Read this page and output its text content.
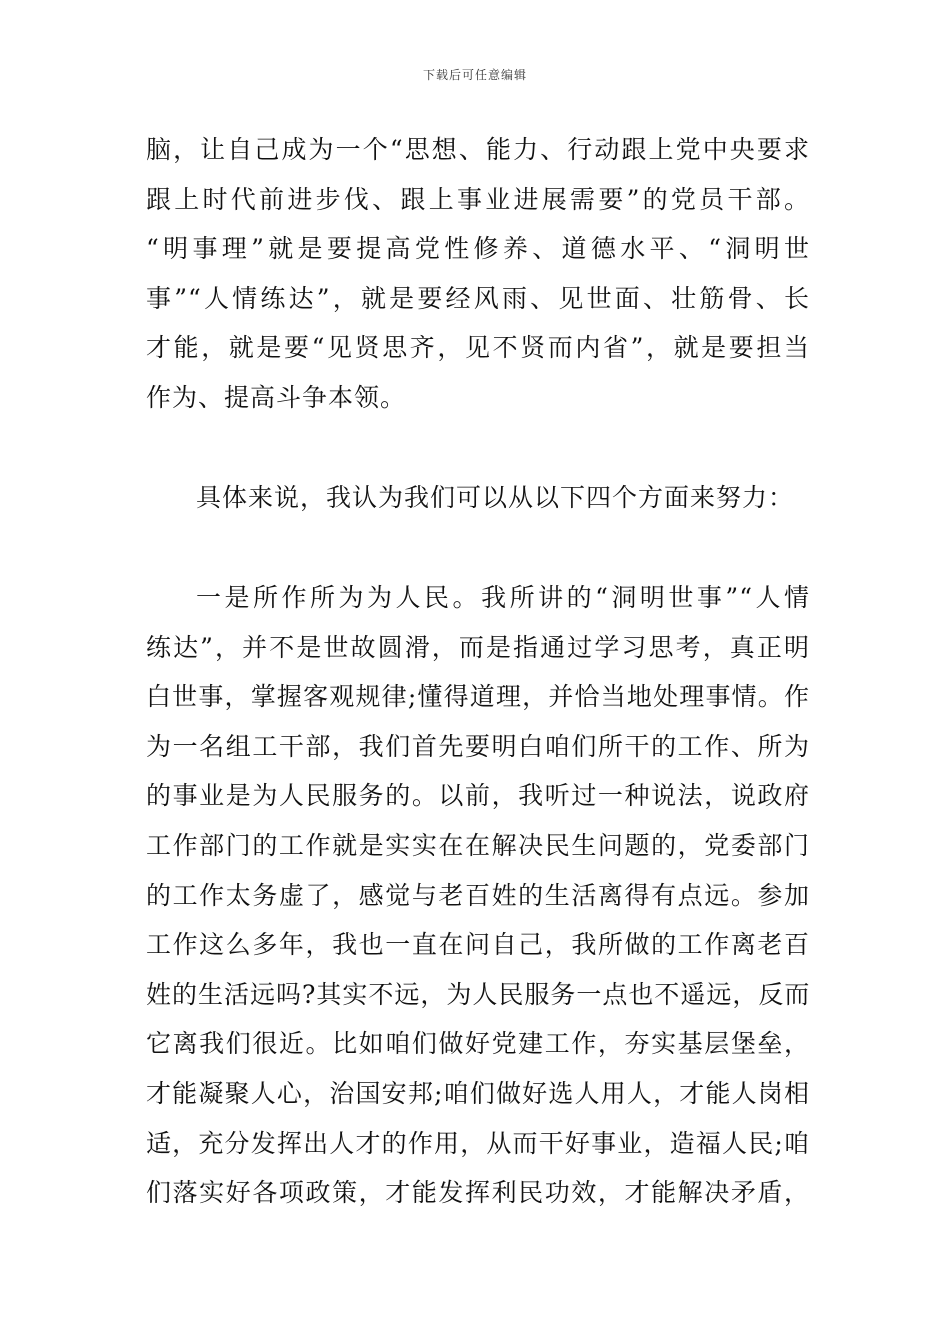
下载后可任意编辑
脑，让自己成为一个“思想、能力、行动跟上党中央要求
跟上时代前进步伐、跟上事业进展需要”的党员干部。
“明事理”就是要提高党性修养、道德水平、“洞明世
事”“人情练达”，就是要经风雨、见世面、壮筋骨、长
才能，就是要“见贤思齐，见不贤而内省”，就是要担当
作为、提高斗争本领。
具体来说，我认为我们可以从以下四个方面来努力：
一是所作所为为人民。我所讲的“洞明世事”“人情
练达”，并不是世故圆滑，而是指通过学习思考，真正明
白世事，掌握客观规律;懂得道理，并恰当地处理事情。作
为一名组工干部，我们首先要明白咱们所干的工作、所为
的事业是为人民服务的。以前，我听过一种说法，说政府
工作部门的工作就是实实在在解决民生问题的，党委部门
的工作太务虚了，感觉与老百姓的生活离得有点远。参加
工作这么多年，我也一直在问自己，我所做的工作离老百
姓的生活远吗?其实不远，为人民服务一点也不遥远，反而
它离我们很近。比如咱们做好党建工作，夯实基层堡垒，
才能凝聚人心，治国安邦;咱们做好选人用人，才能人岗相
适，充分发挥出人才的作用，从而干好事业，造福人民;咱
们落实好各项政策，才能发挥利民功效，才能解决矛盾，
